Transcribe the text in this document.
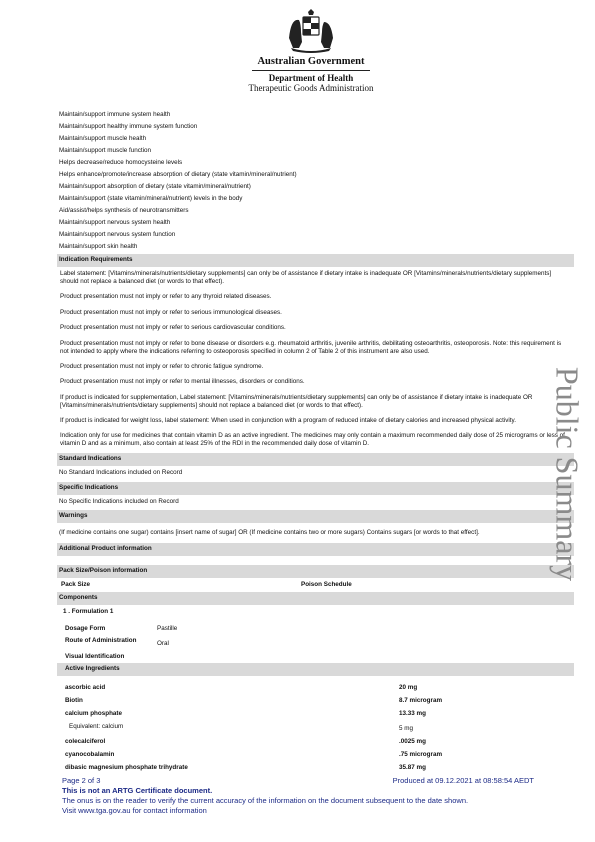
Australian Government
Department of Health
Therapeutic Goods Administration
Maintain/support immune system health
Maintain/support healthy immune system function
Maintain/support muscle health
Maintain/support muscle function
Helps decrease/reduce homocysteine levels
Helps enhance/promote/increase absorption of dietary (state vitamin/mineral/nutrient)
Maintain/support absorption of dietary (state vitamin/mineral/nutrient)
Maintain/support (state vitamin/mineral/nutrient) levels in the body
Aid/assist/helps synthesis of neurotransmitters
Maintain/support nervous system health
Maintain/support nervous system function
Maintain/support skin health
Indication Requirements
Label statement: [Vitamins/minerals/nutrients/dietary supplements] can only be of assistance if dietary intake is inadequate OR [Vitamins/minerals/nutrients/dietary supplements] should not replace a balanced diet (or words to that effect).
Product presentation must not imply or refer to any thyroid related diseases.
Product presentation must not imply or refer to serious immunological diseases.
Product presentation must not imply or refer to serious cardiovascular conditions.
Product presentation must not imply or refer to bone disease or disorders e.g. rheumatoid arthritis, juvenile arthritis, debilitating osteoarthritis, osteoporosis. Note: this requirement is not intended to apply where the indications referring to osteoporosis specified in column 2 of Table 2 of this instrument are also used.
Product presentation must not imply or refer to chronic fatigue syndrome.
Product presentation must not imply or refer to mental illnesses, disorders or conditions.
If product is indicated for supplementation, Label statement: [Vitamins/minerals/nutrients/dietary supplements] can only be of assistance if dietary intake is inadequate OR [Vitamins/minerals/nutrients/dietary supplements] should not replace a balanced diet (or words to that effect).
If product is indicated for weight loss, label statement: When used in conjunction with a program of reduced intake of dietary calories and increased physical activity.
Indication only for use for medicines that contain vitamin D as an active ingredient. The medicines may only contain a maximum recommended daily dose of 25 micrograms or less of vitamin D and as a minimum, also contain at least 25% of the RDI in the recommended daily dose of vitamin D.
Standard Indications
No Standard Indications included on Record
Specific Indications
No Specific Indications included on Record
Warnings
(If medicine contains one sugar) contains [insert name of sugar] OR (If medicine contains two or more sugars) Contains sugars [or words to that effect].
Additional Product information
Pack Size/Poison information
Pack Size	Poison Schedule
Components
1 . Formulation 1
Dosage Form	Pastille
Route of Administration	Oral
Visual Identification
Active Ingredients
ascorbic acid	20 mg
Biotin	8.7 microgram
calcium phosphate	13.33 mg
Equivalent: calcium	5 mg
colecalciferol	.0025 mg
cyanocobalamin	.75 microgram
dibasic magnesium phosphate trihydrate	35.87 mg
Public Summary
Page 2 of 3	Produced at 09.12.2021 at 08:58:54 AEDT
This is not an ARTG Certificate document.
The onus is on the reader to verify the current accuracy of the information on the document subsequent to the date shown.
Visit www.tga.gov.au for contact information
